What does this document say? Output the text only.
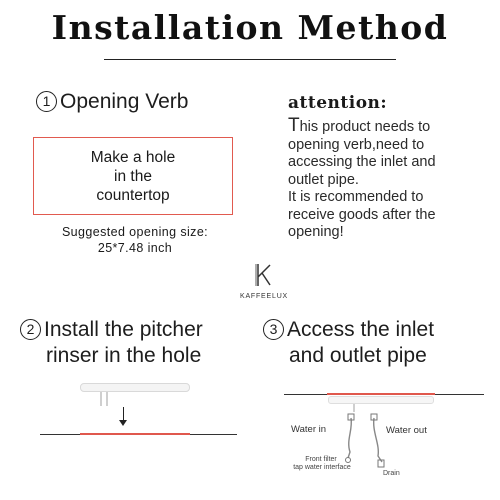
Installation Method
1 Opening Verb
Make a hole
in the
countertop
Suggested opening size:
25*7.48 inch
attention:
This product needs to
opening verb,need to
accessing the inlet and
outlet pipe.
It is recommended to
receive goods after the
opening!
KAFFEELUX
2 Install the pitcher
rinser in the hole
3 Access the inlet
and outlet pipe
Water in	Water out
Front filter
tap water interface
Drain
